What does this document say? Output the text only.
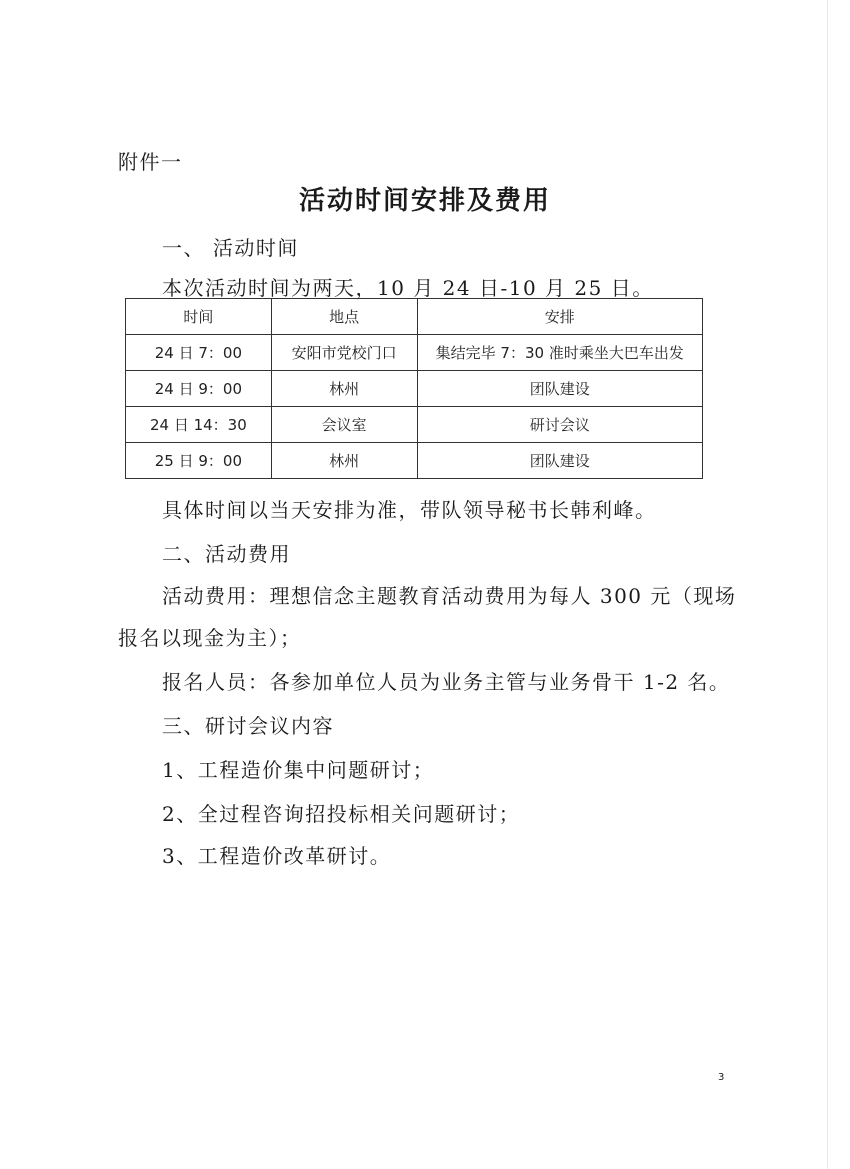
附件一
活动时间安排及费用
一、 活动时间
本次活动时间为两天，10 月 24 日-10 月 25 日。
时间	地点	安排
24 日 7：00	安阳市党校门口	集结完毕 7：30 准时乘坐大巴车出发
24 日 9：00	林州	团队建设
24 日 14：30	会议室	研讨会议
25 日 9：00	林州	团队建设
具体时间以当天安排为准，带队领导秘书长韩利峰。
二、活动费用
活动费用：理想信念主题教育活动费用为每人 300 元（现场
报名以现金为主）；
报名人员：各参加单位人员为业务主管与业务骨干 1-2 名。
三、研讨会议内容
1、工程造价集中问题研讨；
2、全过程咨询招投标相关问题研讨；
3、工程造价改革研讨。
3
